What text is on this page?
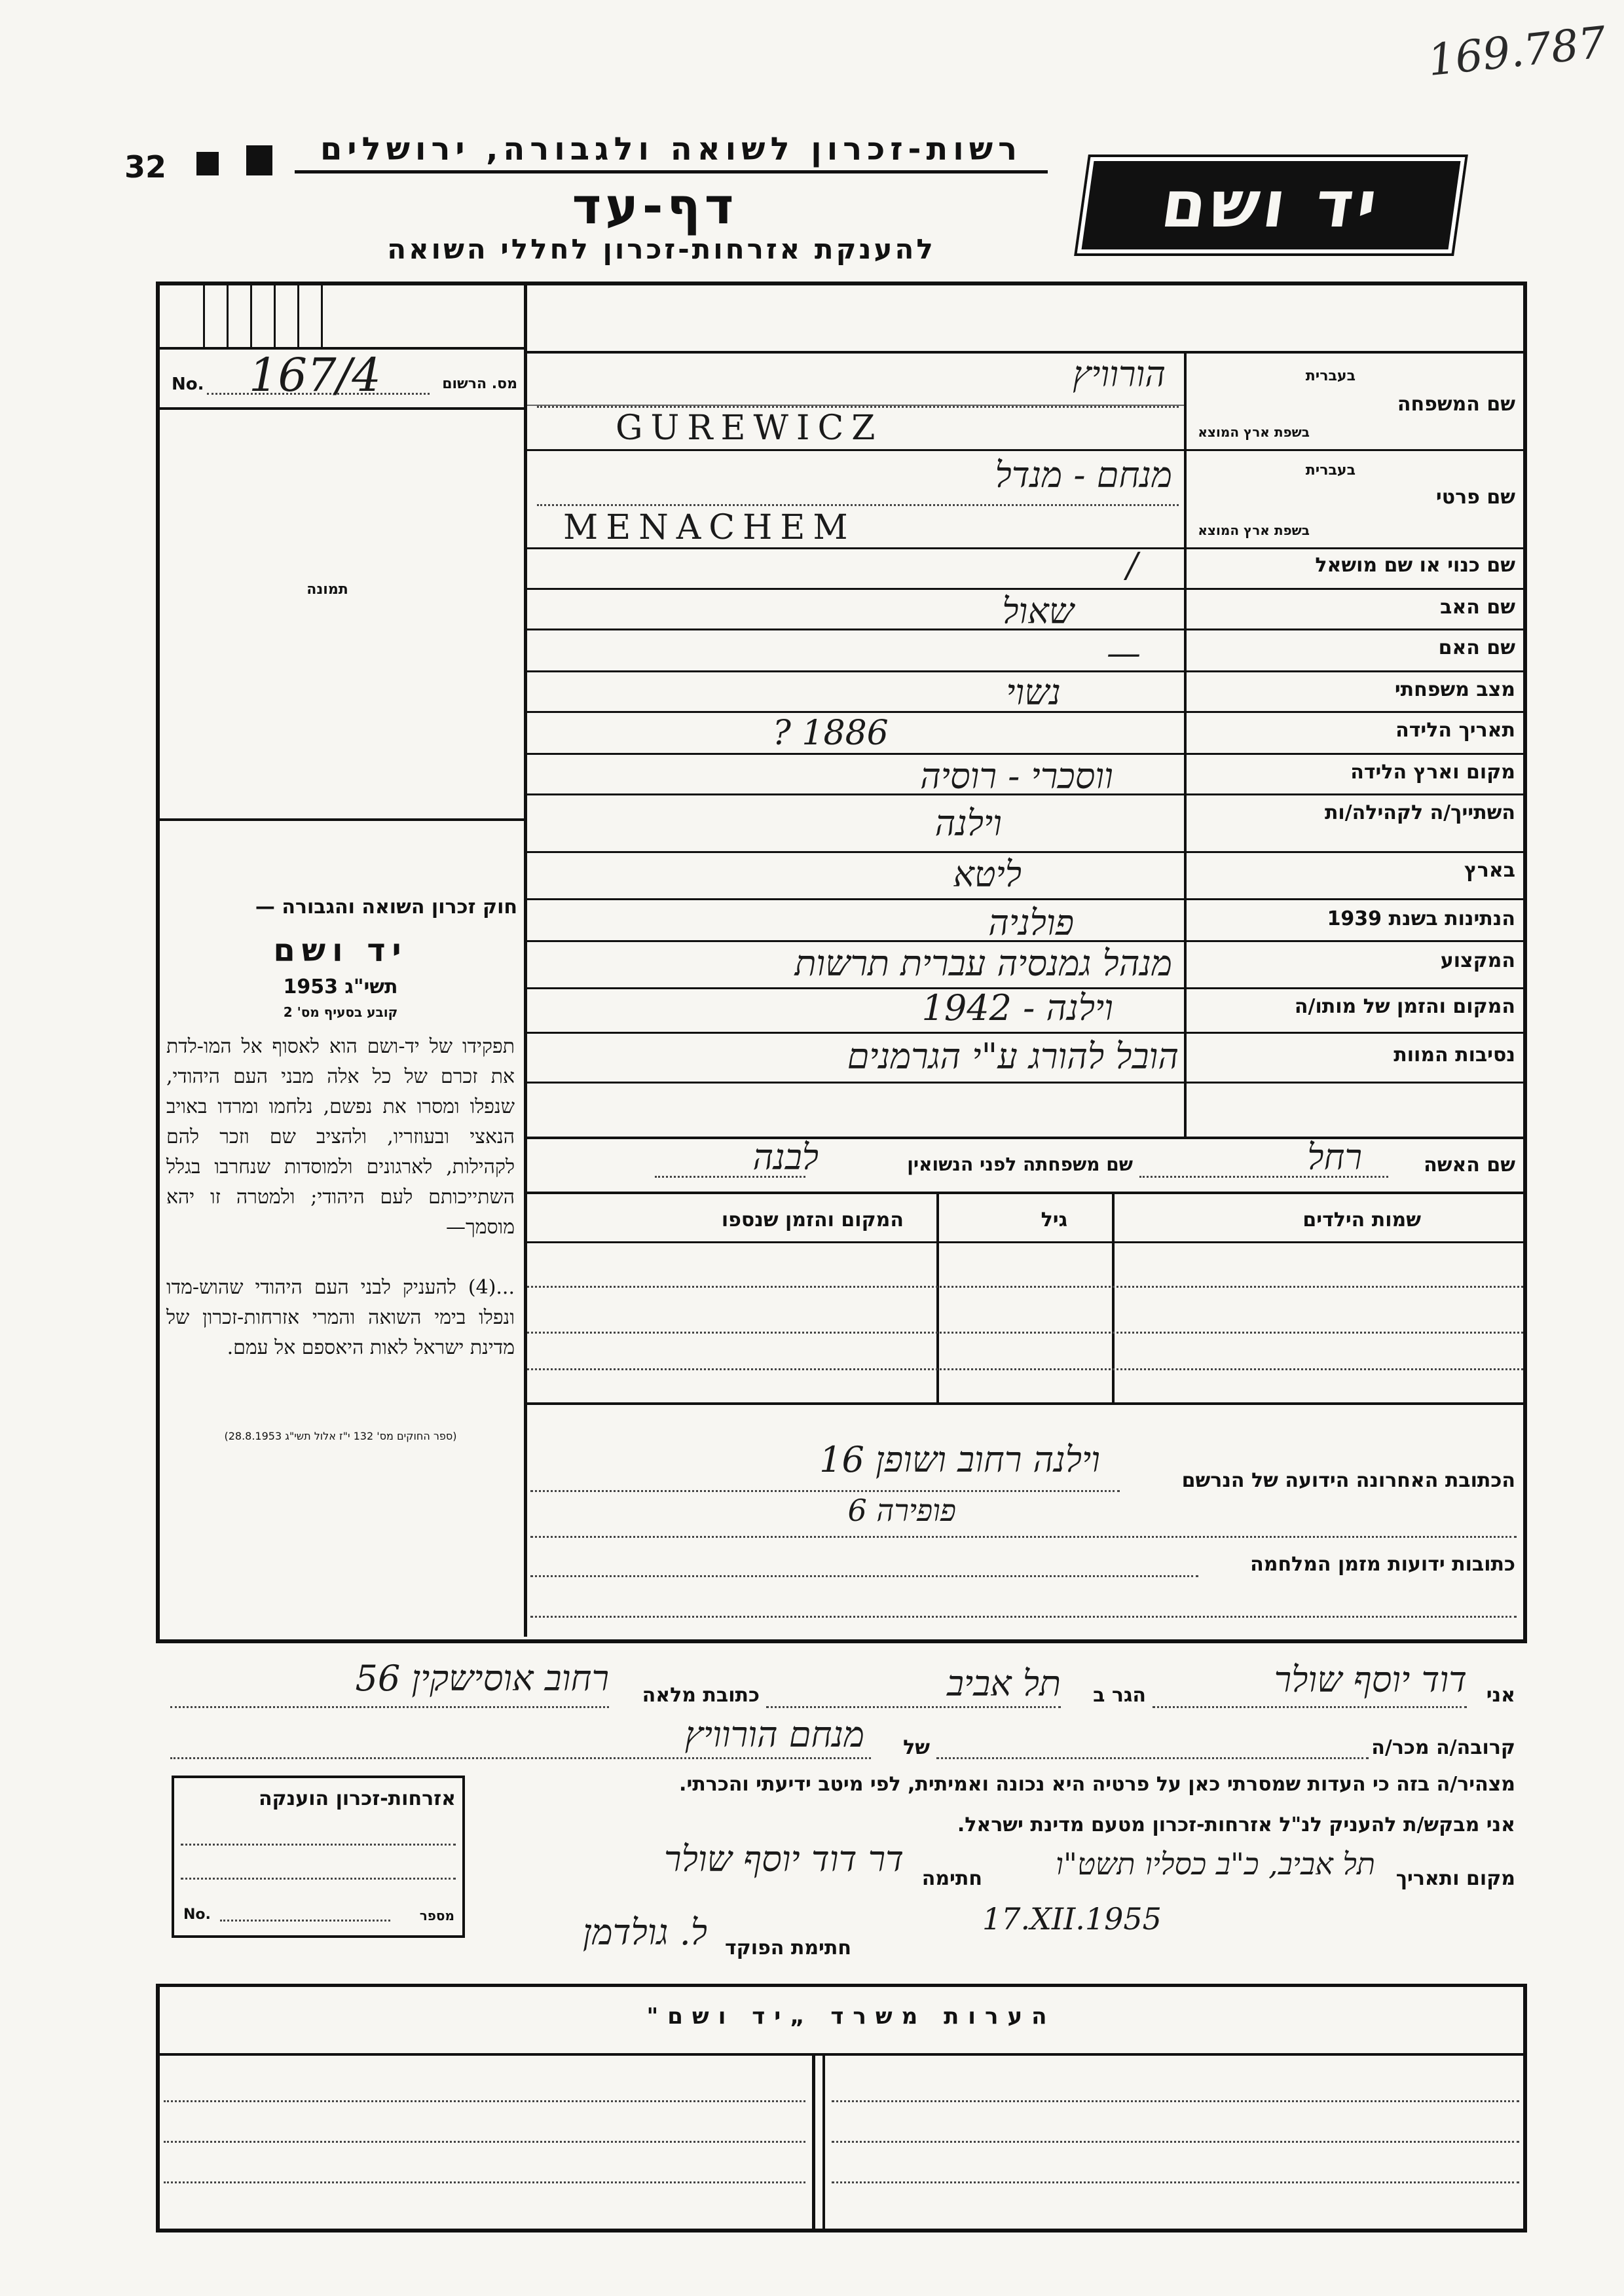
169.787
32	רשות-זכרון לשואה ולגבורה, ירושלים
דף-עד
להענקת אזרחות-זכרון לחללי השואה
יד ושם
No. 167/4	מס. הרשום
תמונה
חוק זכרון השואה והגבורה —
יד ושם
תשי"ג 1953
קובע בסעיף מס' 2
תפקידו של יד-ושם הוא לאסוף אל המו-לדת את זכרם של כל אלה מבני העם היהודי, שנפלו ומסרו את נפשם, נלחמו ומרדו באויב הנאצי ובעוזריו, ולהציב שם וזכר להם לקהילות, לארגונים ולמוסדות שנחרבו בגלל השתייכותם לעם היהודי; ולמטרה זו יהא מוסמך—
...(4) להעניק לבני העם היהודי שהוש-מדו ונפלו בימי השואה והמרי אזרחות-זכרון של מדינת ישראל לאות היאספם אל עמם.
(ספר החוקים מס' 132 י"ז אלול תשי"ג 28.8.1953)
שם המשפחה
בעברית
בשפת ארץ המוצא
הורוויץ
GUREWICZ
שם פרטי
בעברית
בשפת ארץ המוצא
מנחם - מנדל
MENACHEM
שם כנוי או שם מושאל
/
שם האב
שאול
שם האם
—
מצב משפחתי
נשוי
תאריך הלידה
? 1886
מקום וארץ הלידה
ווסכרי - רוסיה
השתייך/ה לקהילה/ות
וילנה
בארץ
ליטא
הנתינות בשנת 1939
פולניה
המקצוע
מנהל גמנסיה עברית תרשות
המקום והזמן של מותו/ה
וילנה - 1942
נסיבות המוות
הובל להורג ע"י הגרמנים
שם האשה
רחל
שם משפחתה לפני הנשואין
לבנה
שמות הילדים
גיל
המקום והזמן שנספו
הכתובת האחרונה הידועה של הנרשם
וילנה רחוב ושופן 16
פופירה 6
כתובות ידועות מזמן המלחמה
אני
דוד יוסף שולר
הגר ב
תל אביב
כתובת מלאה
רחוב אוסישקין 56
קרובה/ה מכר/ה
של
מנחם הורוויץ
מצהיר/ה בזה כי העדות שמסרתי כאן על פרטיה היא נכונה ואמיתית, לפי מיטב ידיעתי והכרתי.
אני מבקש/ת להעניק לנ"ל אזרחות-זכרון מטעם מדינת ישראל.
מקום ותאריך
תל אביב, כ"ב כסליו תשט"ו
17.XII.1955
חתימה
דר דוד יוסף שולר
חתימת הפוקד
ל. גולדמן
אזרחות-זכרון הוענקה
No.	מספר
הערות משרד „יד ושם"
